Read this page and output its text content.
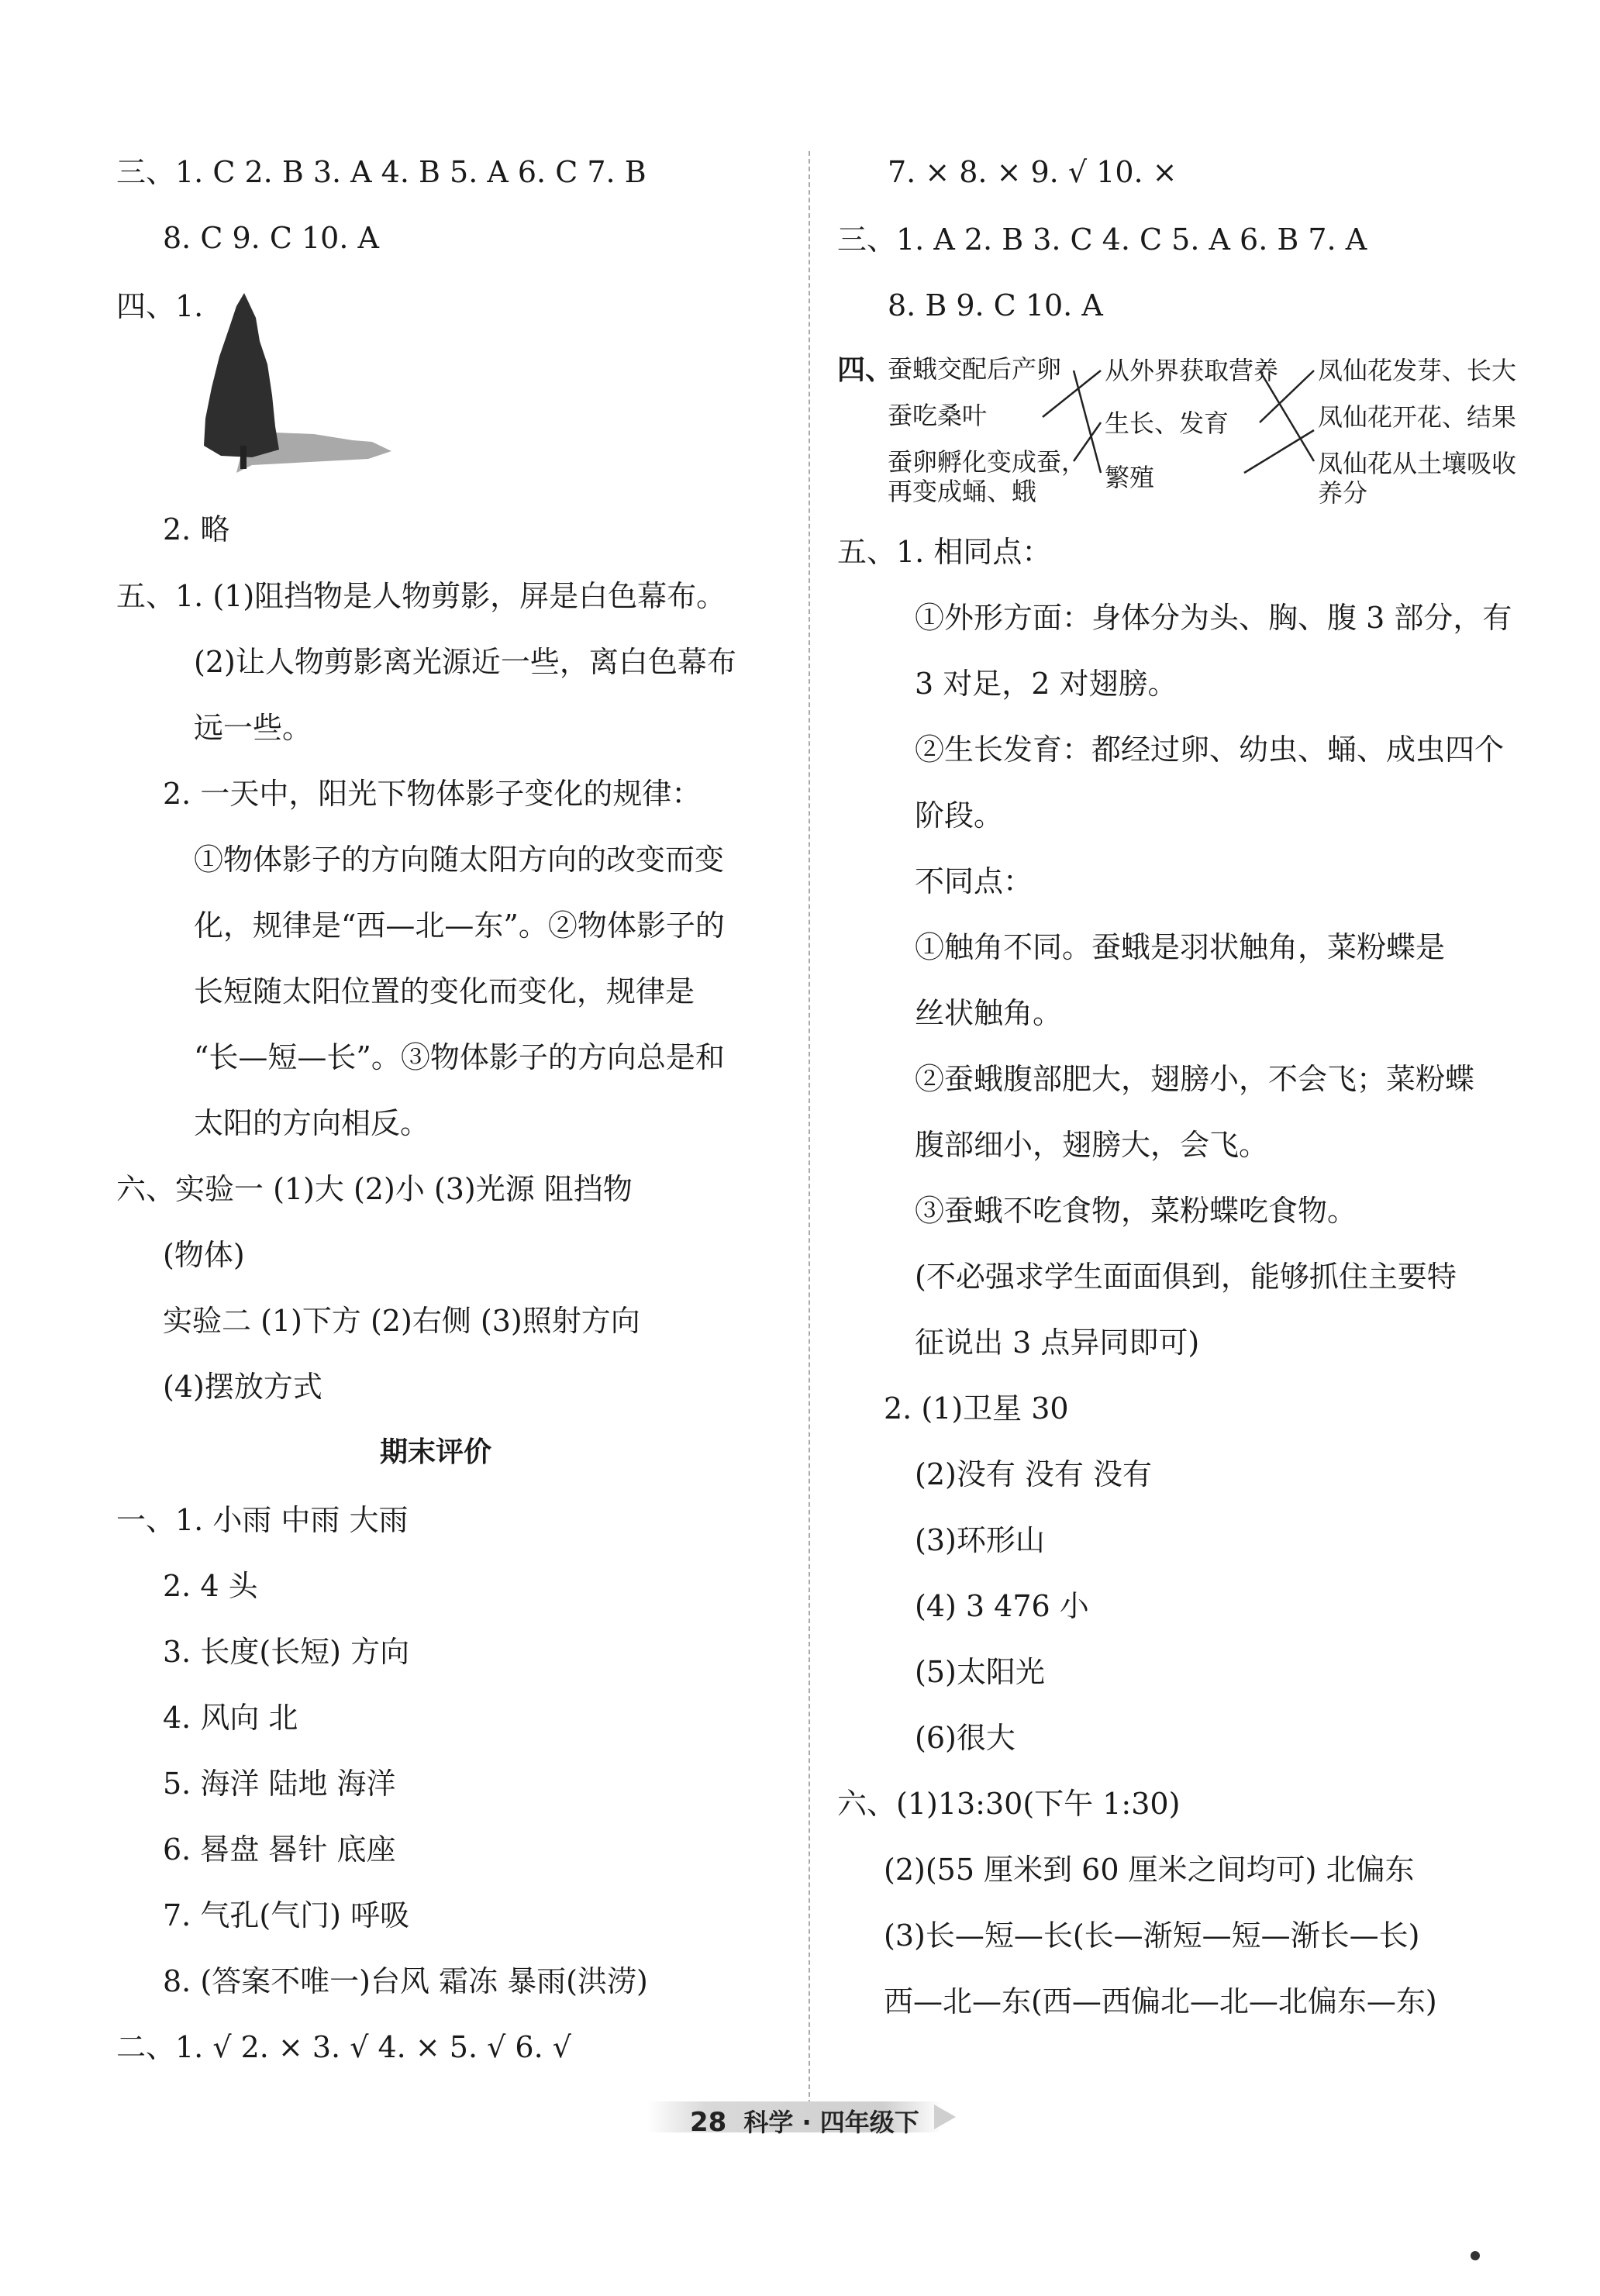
三、1. C 2. B 3. A 4. B 5. A 6. C 7. B
8. C 9. C 10. A
四、1.
2. 略
五、1. (1)阻挡物是人物剪影，屏是白色幕布。
(2)让人物剪影离光源近一些，离白色幕布
远一些。
2. 一天中，阳光下物体影子变化的规律：
①物体影子的方向随太阳方向的改变而变
化，规律是“西—北—东”。②物体影子的
长短随太阳位置的变化而变化，规律是
“长—短—长”。③物体影子的方向总是和
太阳的方向相反。
六、实验一 (1)大 (2)小 (3)光源 阻挡物
(物体)
实验二 (1)下方 (2)右侧 (3)照射方向
(4)摆放方式
期末评价
一、1. 小雨 中雨 大雨
2. 4 头
3. 长度(长短) 方向
4. 风向 北
5. 海洋 陆地 海洋
6. 晷盘 晷针 底座
7. 气孔(气门) 呼吸
8. (答案不唯一)台风 霜冻 暴雨(洪涝)
二、1. √ 2. × 3. √ 4. × 5. √ 6. √
7. × 8. × 9. √ 10. ×
三、1. A 2. B 3. C 4. C 5. A 6. B 7. A
8. B 9. C 10. A
四、
蚕蛾交配后产卵
蚕吃桑叶
蚕卵孵化变成蚕，
再变成蛹、蛾
从外界获取营养
生长、发育
繁殖
凤仙花发芽、长大
凤仙花开花、结果
凤仙花从土壤吸收
养分
五、1. 相同点：
①外形方面：身体分为头、胸、腹 3 部分，有
3 对足，2 对翅膀。
②生长发育：都经过卵、幼虫、蛹、成虫四个
阶段。
不同点：
①触角不同。蚕蛾是羽状触角，菜粉蝶是
丝状触角。
②蚕蛾腹部肥大，翅膀小，不会飞；菜粉蝶
腹部细小，翅膀大，会飞。
③蚕蛾不吃食物，菜粉蝶吃食物。
(不必强求学生面面俱到，能够抓住主要特
征说出 3 点异同即可)
2. (1)卫星 30
(2)没有 没有 没有
(3)环形山
(4) 3 476 小
(5)太阳光
(6)很大
六、(1)13:30(下午 1:30)
(2)(55 厘米到 60 厘米之间均可) 北偏东
(3)长—短—长(长—渐短—短—渐长—长)
西—北—东(西—西偏北—北—北偏东—东)
28 科学 · 四年级下
